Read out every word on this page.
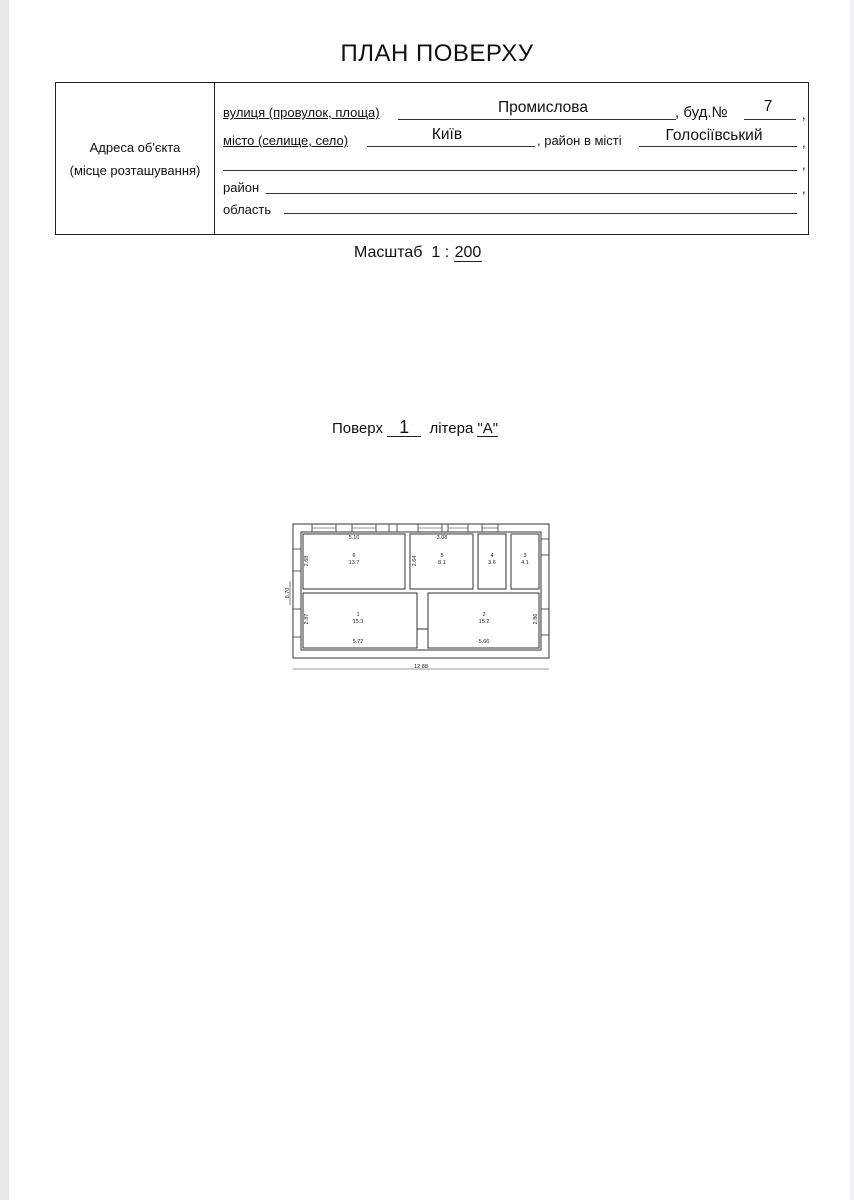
ПЛАН ПОВЕРХУ
Адреса об'єкта
(місце розташування)
вулиця (провулок, площа)	Промислова	, буд.№	7	,
місто (селище, село)	Київ	, район в місті	Голосіївський	,
,
район	,
область
Масштаб 1 : 200
Поверх 1 літера "А"
6
13.7
5
8.1
4
3.6
3
4.1
1
15.3
2
15.2
5.10	3.08
5.72	5.66
12.88
2.68
2.87
6.70
2.64
2.86
